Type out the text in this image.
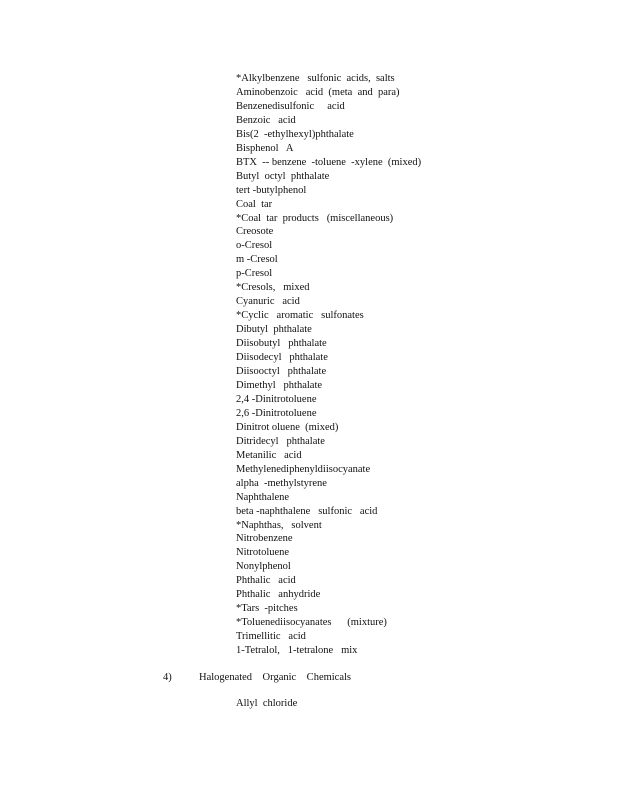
*Alkylbenzene   sulfonic  acids,  salts
Aminobenzoic   acid  (meta  and  para)
Benzenedisulfonic     acid
Benzoic   acid
Bis(2  -ethylhexyl)phthalate
Bisphenol   A
BTX  -- benzene  -toluene  -xylene  (mixed)
Butyl  octyl  phthalate
tert -butylphenol
Coal  tar
*Coal  tar  products   (miscellaneous)
Creosote
o-Cresol
m -Cresol
p-Cresol
*Cresols,   mixed
Cyanuric   acid
*Cyclic   aromatic   sulfonates
Dibutyl  phthalate
Diisobutyl   phthalate
Diisodecyl   phthalate
Diisooctyl   phthalate
Dimethyl   phthalate
2,4 -Dinitrotoluene
2,6 -Dinitrotoluene
Dinitrot oluene  (mixed)
Ditridecyl   phthalate
Metanilic   acid
Methylenediphenyldiisocyanate
alpha  -methylstyrene
Naphthalene
beta -naphthalene   sulfonic   acid
*Naphthas,   solvent
Nitrobenzene
Nitrotoluene
Nonylphenol
Phthalic   acid
Phthalic   anhydride
*Tars  -pitches
*Toluenediisocyanates      (mixture)
Trimellitic   acid
1-Tetralol,   1-tetralone   mix
4)	Halogenated    Organic    Chemicals
Allyl  chloride
